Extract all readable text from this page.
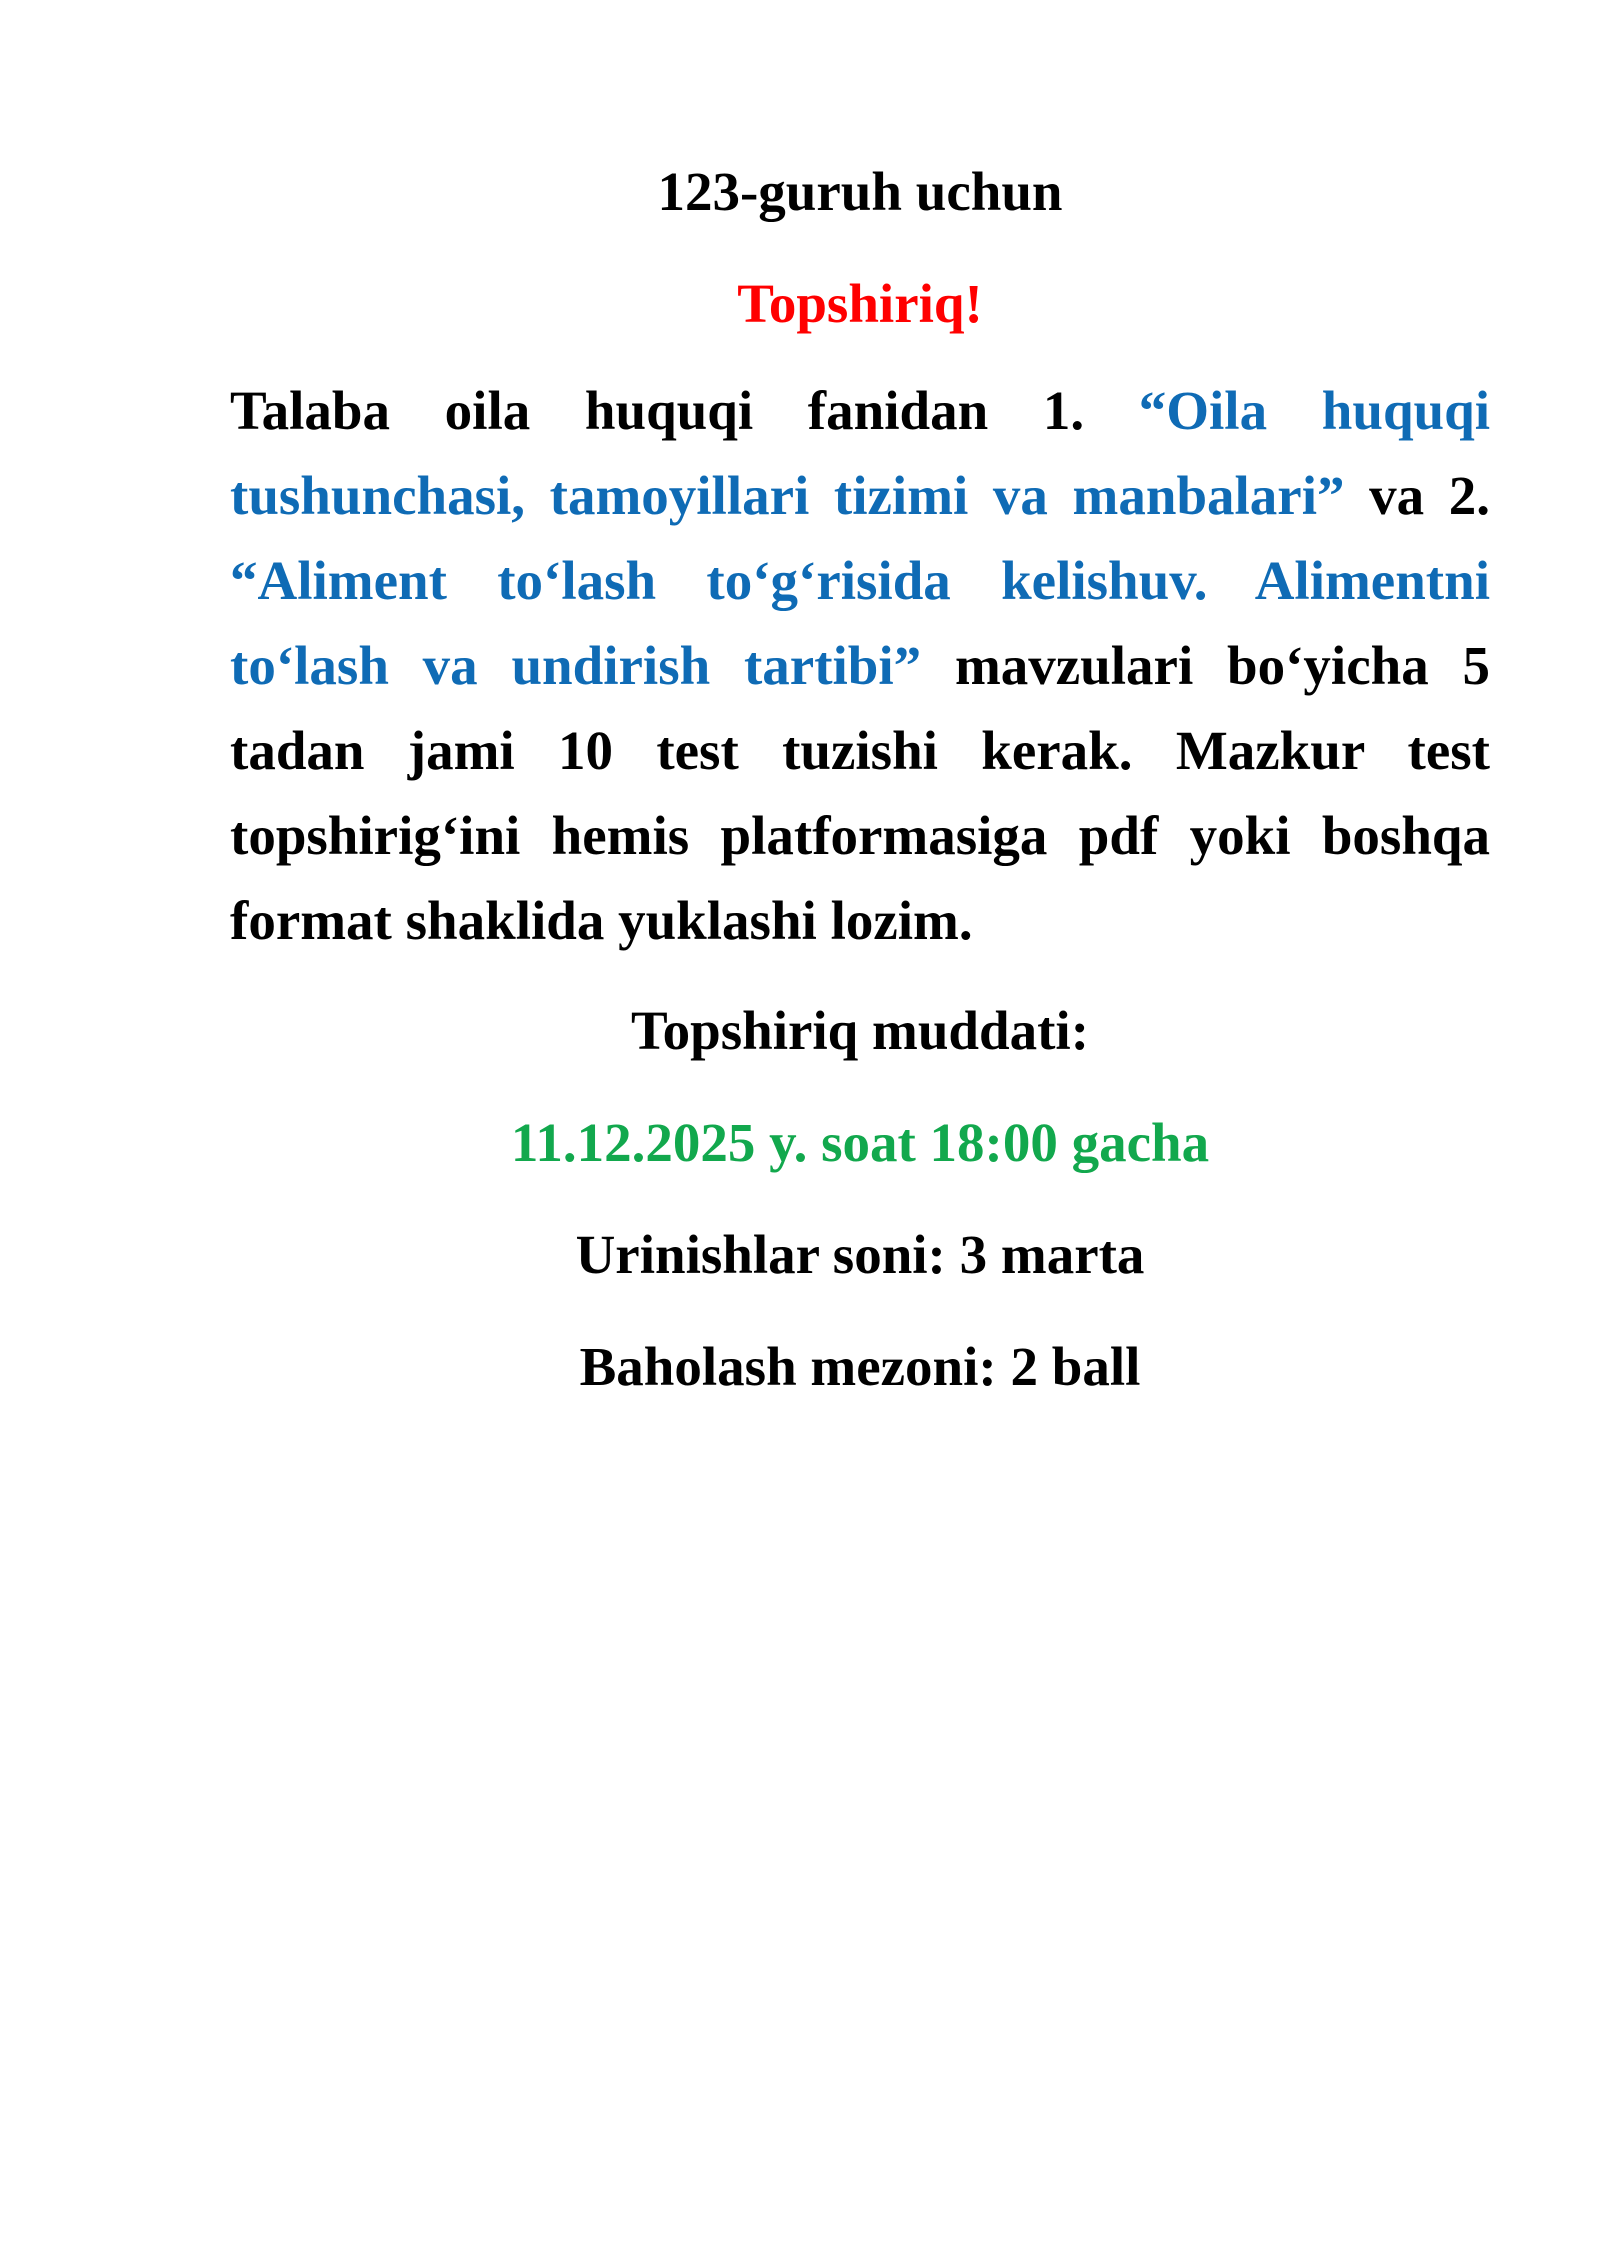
123-guruh uchun

Topshiriq!

Talaba oila huquqi fanidan 1. “Oila huquqi tushunchasi, tamoyillari tizimi va manbalari” va 2. “Aliment to‘lash to‘g‘risida kelishuv. Alimentni to‘lash va undirish tartibi” mavzulari bo‘yicha 5 tadan jami 10 test tuzishi kerak. Mazkur test topshirig‘ini hemis platformasiga pdf yoki boshqa format shaklida yuklashi lozim.

Topshiriq muddati:

11.12.2025 y. soat 18:00 gacha

Urinishlar soni: 3 marta

Baholash mezoni: 2 ball
